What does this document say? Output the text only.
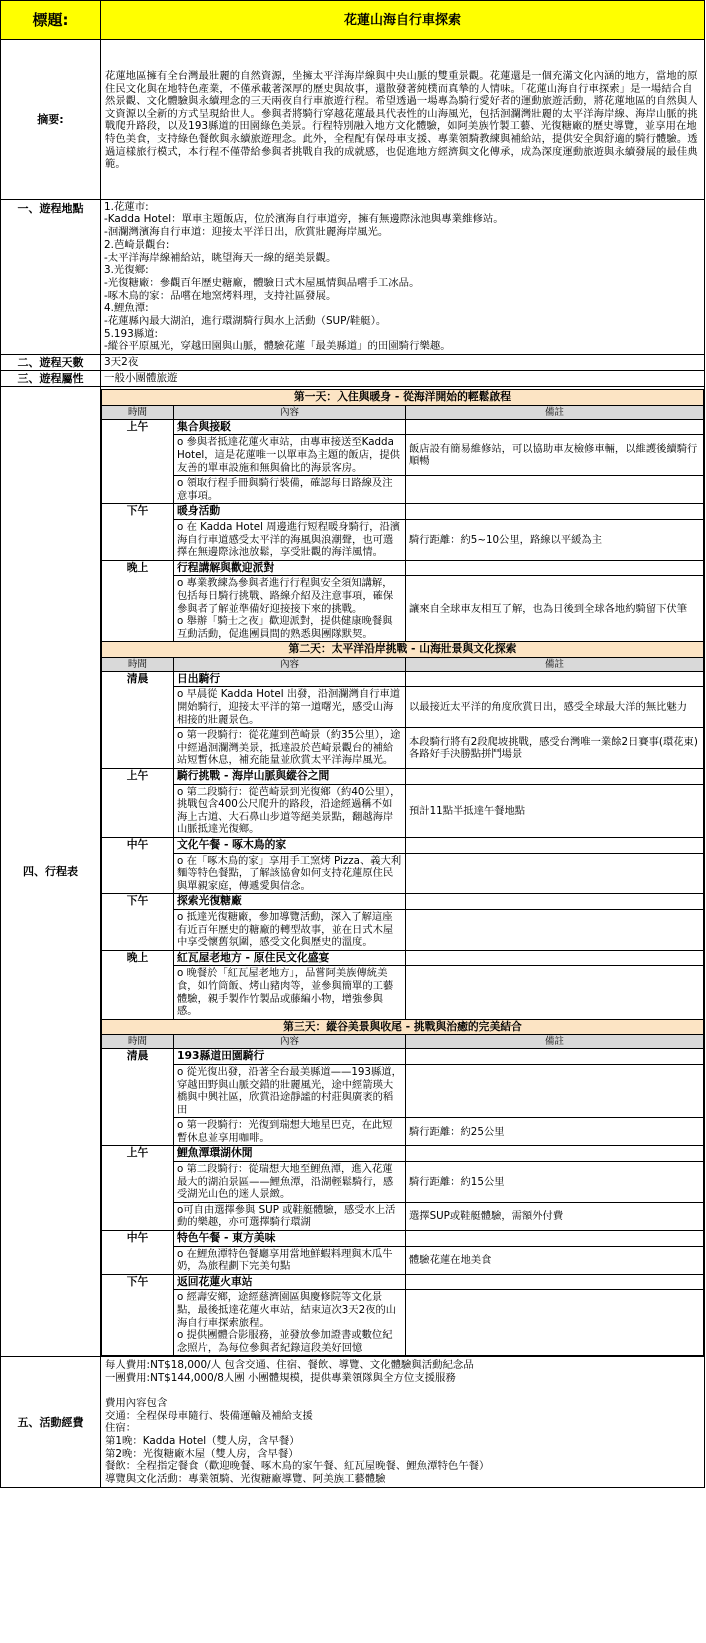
標題:	花蓮山海自行車探索
摘要:	花蓮地區擁有全台灣最壯麗的自然資源，坐擁太平洋海岸線與中央山脈的雙重景觀。花蓮還是一個充滿文化內涵的地方，當地的原住民文化與在地特色產業，不僅承載著深厚的歷史與故事，還散發著純樸而真摯的人情味。「花蓮山海自行車探索」是一場結合自然景觀、文化體驗與永續理念的三天兩夜自行車旅遊行程。希望透過一場專為騎行愛好者的運動旅遊活動，將花蓮地區的自然與人文資源以全新的方式呈現給世人。參與者將騎行穿越花蓮最具代表性的山海風光，包括洄瀾灣壯麗的太平洋海岸線、海岸山脈的挑戰爬升路段，以及193縣道的田園綠色美景。行程特別融入地方文化體驗，如阿美族竹製工藝、光復糖廠的歷史導覽，並享用在地特色美食，支持綠色餐飲與永續旅遊理念。此外，全程配有保母車支援、專業領騎教練與補給站，提供安全與舒適的騎行體驗。透過這樣旅行模式，本行程不僅帶給參與者挑戰自我的成就感，也促進地方經濟與文化傳承，成為深度運動旅遊與永續發展的最佳典範。
一、遊程地點	1.花蓮市:
-Kadda Hotel：單車主題飯店，位於濱海自行車道旁，擁有無邊際泳池與專業維修站。
-洄瀾灣濱海自行車道：迎接太平洋日出，欣賞壯麗海岸風光。
2.芭崎景觀台:
-太平洋海岸線補給站，眺望海天一線的絕美景觀。
3.光復鄉:
-光復糖廠：參觀百年歷史糖廠，體驗日式木屋風情與品嚐手工冰品。
-啄木鳥的家：品嚐在地窯烤料理，支持社區發展。
4.鯉魚潭:
-花蓮縣內最大湖泊，進行環湖騎行與水上活動（SUP/鞋艇）。
5.193縣道:
-縱谷平原風光，穿越田園與山脈，體驗花蓮「最美縣道」的田園騎行樂趣。

二、遊程天數	3天2夜
三、遊程屬性	一般小團體旅遊
四、行程表	
第一天：入住與暖身 - 從海洋開始的輕鬆啟程
時間	內容	備註
上午	集合與接駁	
o 參與者抵達花蓮火車站，由專車接送至Kadda Hotel，這是花蓮唯一以單車為主題的飯店，提供友善的單車設施和無與倫比的海景客房。	飯店設有簡易維修站，可以協助車友檢修車輛，以維護後續騎行順暢
o 領取行程手冊與騎行裝備，確認每日路線及注意事項。	
下午	暖身活動	
o 在 Kadda Hotel 周邊進行短程暖身騎行，沿濱海自行車道感受太平洋的海風與浪潮聲，也可選擇在無邊際泳池放鬆，享受壯觀的海洋風情。	騎行距離：約5~10公里，路線以平緩為主
晚上	行程講解與歡迎派對	
o 專業教練為參與者進行行程與安全須知講解，包括每日騎行挑戰、路線介紹及注意事項，確保參與者了解並準備好迎接接下來的挑戰。
o 舉辦「騎士之夜」歡迎派對，提供健康晚餐與互動活動，促進團員間的熟悉與團隊默契。	讓來自全球車友相互了解，也為日後到全球各地約騎留下伏筆
第二天：太平洋沿岸挑戰 - 山海壯景與文化探索
時間	內容	備註
清晨	日出騎行	
o 早晨從 Kadda Hotel 出發，沿洄瀾灣自行車道開始騎行，迎接太平洋的第一道曙光，感受山海相接的壯麗景色。	以最接近太平洋的角度欣賞日出，感受全球最大洋的無比魅力
o 第一段騎行：從花蓮到芭崎景（約35公里），途中經過洄瀾灣美景，抵達設於芭崎景觀台的補給站短暫休息，補充能量並欣賞太平洋海岸風光。	本段騎行將有2段爬坡挑戰，感受台灣唯一業餘2日賽事(環花東)各路好手決勝點拼鬥場景
上午	騎行挑戰 - 海岸山脈與縱谷之間	
o 第二段騎行：從芭崎景到光復鄉（約40公里），挑戰包含400公尺爬升的路段，沿途經過稱不如海上古道、大石鼻山步道等絕美景點，翻越海岸山脈抵達光復鄉。	預計11點半抵達午餐地點
中午	文化午餐 - 啄木鳥的家	
o 在「啄木鳥的家」享用手工窯烤 Pizza、義大利麵等特色餐點，了解該協會如何支持花蓮原住民與單親家庭，傳遞愛與信念。	
下午	探索光復糖廠	
o 抵達光復糖廠，參加導覽活動，深入了解這座有近百年歷史的糖廠的轉型故事，並在日式木屋中享受懷舊氛圍，感受文化與歷史的溫度。	
晚上	紅瓦屋老地方 - 原住民文化盛宴	
o 晚餐於「紅瓦屋老地方」，品嘗阿美族傳統美食，如竹筒飯、烤山豬肉等，並參與簡單的工藝體驗，親手製作竹製品或藤編小物，增強參與感。	
第三天：縱谷美景與收尾 - 挑戰與治癒的完美結合
時間	內容	備註
清晨	193縣道田園騎行	
o 從光復出發，沿著全台最美縣道——193縣道，穿越田野與山脈交錯的壯麗風光，途中經箭瑛大橋與中興社區，欣賞沿途靜謐的村莊與廣袤的稻田	
o 第一段騎行：光復到瑞想大地星巴克，在此短暫休息並享用咖啡。	騎行距離：約25公里
上午	鯉魚潭環湖休閒	
o 第二段騎行：從瑞想大地至鯉魚潭，進入花蓮最大的湖泊景區——鯉魚潭，沿湖輕鬆騎行，感受湖光山色的迷人景緻。	騎行距離：約15公里
o可自由選擇參與 SUP 或鞋艇體驗，感受水上活動的樂趣，亦可選擇騎行環湖	選擇SUP或鞋艇體驗，需額外付費
中午	特色午餐 - 東方美味	
o 在鯉魚潭特色餐廳享用當地鮮蝦料理與木瓜牛奶，為旅程劃下完美句點	體驗花蓮在地美食
下午	返回花蓮火車站	
o 經壽安鄉，途經慈濟園區與慶修院等文化景點，最後抵達花蓮火車站，結束這次3天2夜的山海自行車探索旅程。
o 提供團體合影服務，並發放參加證書或數位紀念照片，為每位參與者紀錄這段美好回憶	

五、活動經費	
每人費用:NT$18,000/人 包含交通、住宿、餐飲、導覽、文化體驗與活動紀念品
一團費用:NT$144,000/8人團 小團體規模，提供專業領隊與全方位支援服務
費用內容包含
交通：全程保母車隨行、裝備運輸及補給支援
住宿：
第1晚：Kadda Hotel（雙人房，含早餐）
第2晚：光復糖廠木屋（雙人房，含早餐）
餐飲：全程指定餐食（歡迎晚餐、啄木鳥的家午餐、紅瓦屋晚餐、鯉魚潭特色午餐）
導覽與文化活動：專業領騎、光復糖廠導覽、阿美族工藝體驗
